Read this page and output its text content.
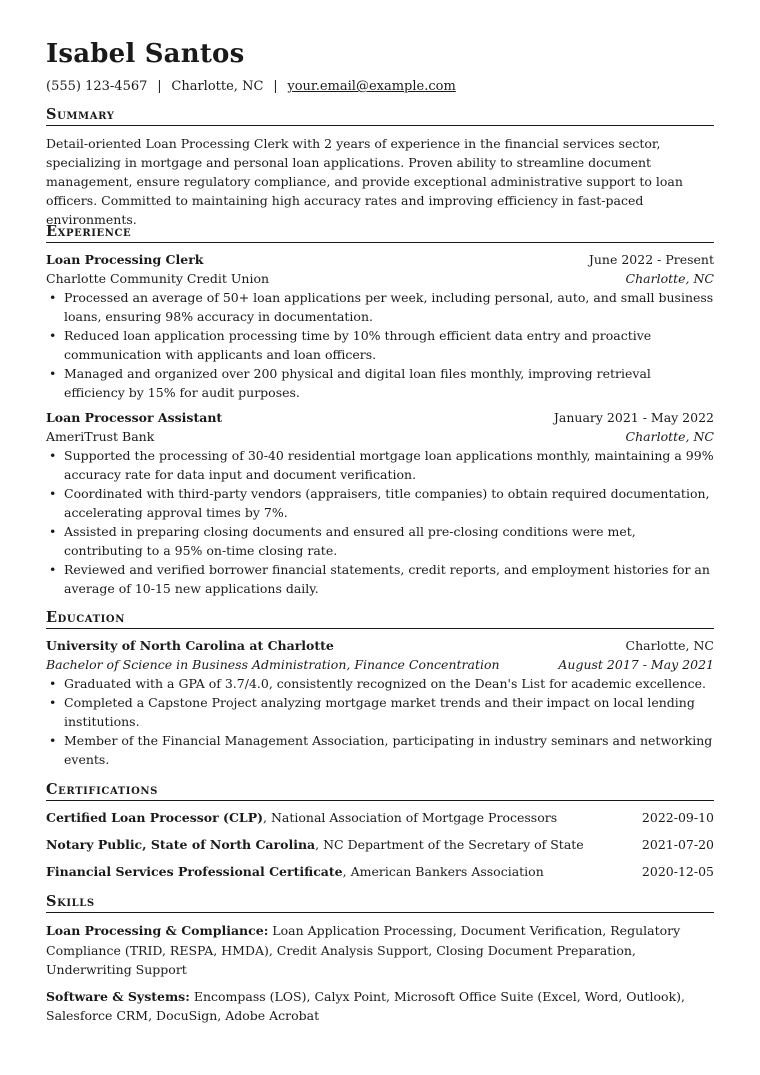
Isabel Santos
(555) 123-4567 | Charlotte, NC | your.email@example.com
Summary
Detail-oriented Loan Processing Clerk with 2 years of experience in the financial services sector, specializing in mortgage and personal loan applications. Proven ability to streamline document management, ensure regulatory compliance, and provide exceptional administrative support to loan officers. Committed to maintaining high accuracy rates and improving efficiency in fast-paced environments.
Experience
Loan Processing Clerk	June 2022 - Present
Charlotte Community Credit Union	Charlotte, NC
• Processed an average of 50+ loan applications per week, including personal, auto, and small business loans, ensuring 98% accuracy in documentation.
• Reduced loan application processing time by 10% through efficient data entry and proactive communication with applicants and loan officers.
• Managed and organized over 200 physical and digital loan files monthly, improving retrieval efficiency by 15% for audit purposes.
Loan Processor Assistant	January 2021 - May 2022
AmeriTrust Bank	Charlotte, NC
• Supported the processing of 30-40 residential mortgage loan applications monthly, maintaining a 99% accuracy rate for data input and document verification.
• Coordinated with third-party vendors (appraisers, title companies) to obtain required documentation, accelerating approval times by 7%.
• Assisted in preparing closing documents and ensured all pre-closing conditions were met, contributing to a 95% on-time closing rate.
• Reviewed and verified borrower financial statements, credit reports, and employment histories for an average of 10-15 new applications daily.
Education
University of North Carolina at Charlotte	Charlotte, NC
Bachelor of Science in Business Administration, Finance Concentration	August 2017 - May 2021
• Graduated with a GPA of 3.7/4.0, consistently recognized on the Dean's List for academic excellence.
• Completed a Capstone Project analyzing mortgage market trends and their impact on local lending institutions.
• Member of the Financial Management Association, participating in industry seminars and networking events.
Certifications
Certified Loan Processor (CLP), National Association of Mortgage Processors	2022-09-10
Notary Public, State of North Carolina, NC Department of the Secretary of State	2021-07-20
Financial Services Professional Certificate, American Bankers Association	2020-12-05
Skills
Loan Processing & Compliance: Loan Application Processing, Document Verification, Regulatory Compliance (TRID, RESPA, HMDA), Credit Analysis Support, Closing Document Preparation, Underwriting Support
Software & Systems: Encompass (LOS), Calyx Point, Microsoft Office Suite (Excel, Word, Outlook), Salesforce CRM, DocuSign, Adobe Acrobat
